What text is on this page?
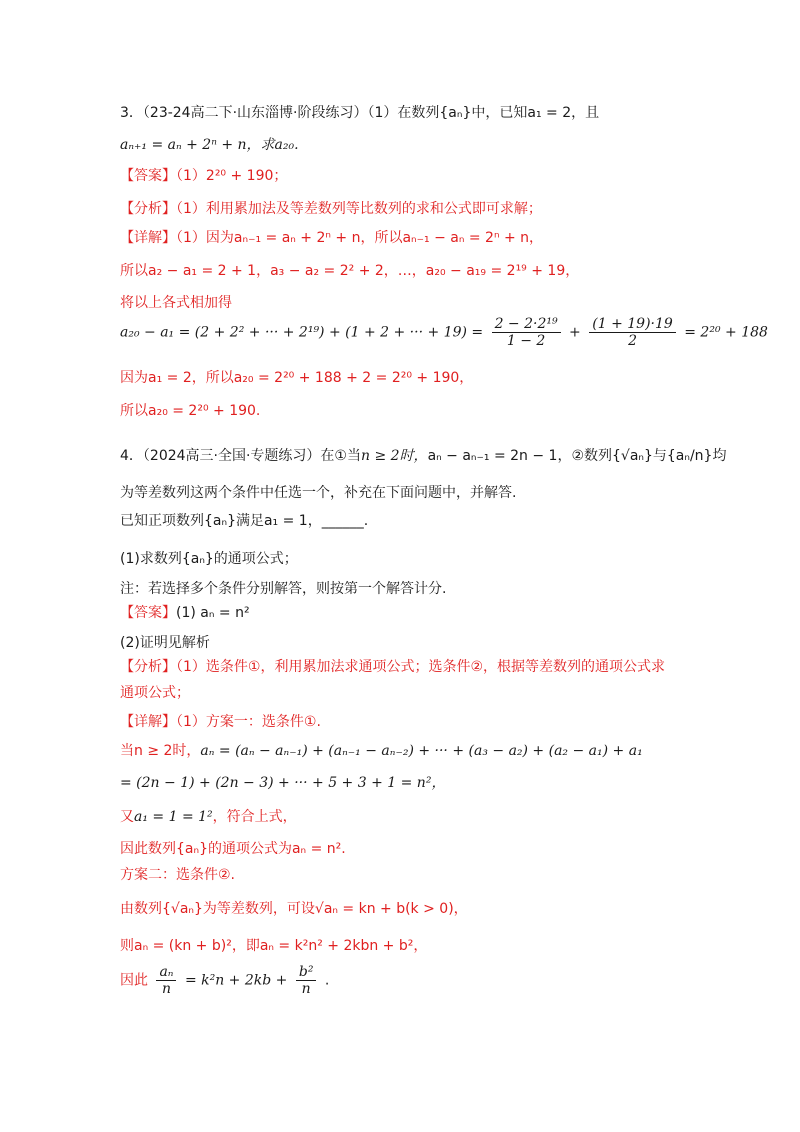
3．（23-24高二下·山东淄博·阶段练习）（1）在数列{aₙ}中，已知a₁ = 2，且
aₙ₊₁ = aₙ + 2ⁿ + n，求a₂₀.
【答案】（1）2²⁰ + 190；
【分析】（1）利用累加法及等差数列等比数列的求和公式即可求解；
【详解】（1）因为aₙ₋₁ = aₙ + 2ⁿ + n，所以aₙ₋₁ − aₙ = 2ⁿ + n，
所以a₂ − a₁ = 2 + 1，a₃ − a₂ = 2² + 2，…，a₂₀ − a₁₉ = 2¹⁹ + 19，
将以上各式相加得
a₂₀ − a₁ = (2 + 2² + ··· + 2¹⁹) + (1 + 2 + ··· + $19) = \frac{\text{2 − 2·2¹⁹}}{1 - 2} + \frac{(1 + 19)\cdot 19}{2} = 2^{20} + 188$
因为a₁ = 2，所以a₂₀ = 2²⁰ + 188 + 2 = 2²⁰ + 190，
所以a₂₀ = 2²⁰ + 190.
4．（2024高三·全国·专题练习）在①当n ≥ 2时，aₙ − aₙ₋₁ = 2n − 1，②数列{√aₙ}与{aₙ/n}均
为等差数列这两个条件中任选一个，补充在下面问题中，并解答.
已知正项数列{aₙ}满足a₁ = 1，______.
(1)求数列{aₙ}的通项公式；
注：若选择多个条件分别解答，则按第一个解答计分.
【答案】(1) aₙ = n²
(2)证明见解析
【分析】（1）选条件①，利用累加法求通项公式；选条件②，根据等差数列的通项公式求
通项公式；
【详解】（1）方案一：选条件①.
当n ≥ 2时，aₙ = (aₙ − aₙ₋₁) + (aₙ₋₁ − aₙ₋₂) + ··· + (a₃ − a₂) + (a₂ − a₁) + a₁
= (2n − 1) + (2n − 3) + ··· + 5 + 3 + 1 = n²，
又a₁ = 1 = 1²，符合上式，
因此数列{aₙ}的通项公式为aₙ = n².
方案二：选条件②.
由数列{√aₙ}为等差数列，可设√aₙ = kn + b(k > 0)，
则aₙ = (kn + b)²，即aₙ = k²n² + 2kbn + b²，
因此 $\frac{\text{aₙ}}{n} = k^2n + 2kb + \frac{\text{b²}}{n}$ .
